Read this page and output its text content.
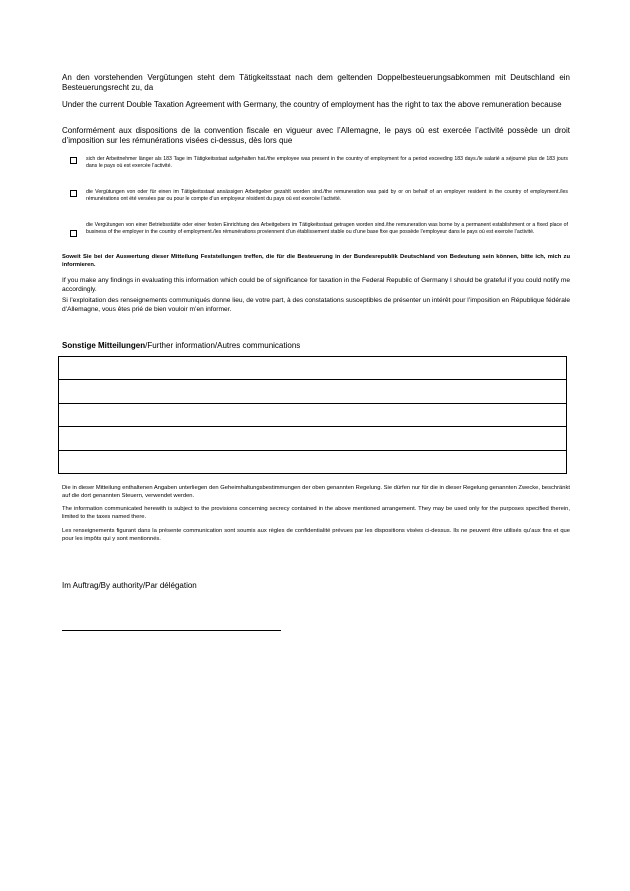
An den vorstehenden Vergütungen steht dem Tätigkeitsstaat nach dem geltenden Doppelbesteuerungsabkommen mit Deutschland ein Besteuerungsrecht zu, da

Under the current Double Taxation Agreement with Germany, the country of employment has the right to tax the above remuneration because

Conformément aux dispositions de la convention fiscale en vigueur avec l’Allemagne, le pays où est exercée l’activité possède un droit d’imposition sur les rémunérations visées ci-dessus, dès lors que

sich der Arbeitnehmer länger als 183 Tage im Tätigkeitsstaat aufgehalten hat./the employee was present in the country of employment for a period exceeding 183 days./le salarié a séjourné plus de 183 jours dans le pays où est exercée l’activité.
die Vergütungen von oder für einen im Tätigkeitsstaat ansässigen Arbeitgeber gezahlt worden sind./the remuneration was paid by or on behalf of an employer resident in the country of employment./les rémunérations ont été versées par ou pour le compte d’un employeur résident du pays où est exercée l’activité.
die Vergütungen von einer Betriebsstätte oder einer festen Einrichtung des Arbeitgebers im Tätigkeitsstaat getragen worden sind./the remuneration was borne by a permanent establishment or a fixed place of business of the employer in the country of employment./les rémunérations proviennent d’un établissement stable ou d’une base fixe que possède l’employeur dans le pays où est exercée l’activité.

Soweit Sie bei der Auswertung dieser Mitteilung Feststellungen treffen, die für die Besteuerung in der Bundesrepublik Deutschland von Bedeutung sein können, bitte ich, mich zu informieren.

If you make any findings in evaluating this information which could be of significance for taxation in the Federal Republic of Germany I should be grateful if you could notify me accordingly.

Si l’exploitation des renseignements communiqués donne lieu, de votre part, à des constatations susceptibles de présenter un intérêt pour l’imposition en République fédérale d’Allemagne, vous êtes prié de bien vouloir m’en informer.

Sonstige Mitteilungen/Further information/Autres communications

Die in dieser Mitteilung enthaltenen Angaben unterliegen den Geheimhaltungsbestimmungen der oben genannten Regelung. Sie dürfen nur für die in dieser Regelung genannten Zwecke, beschränkt auf die dort genannten Steuern, verwendet werden.

The information communicated herewith is subject to the provisions concerning secrecy contained in the above mentioned arrangement. They may be used only for the purposes specified therein, limited to the taxes named there.

Les renseignements figurant dans la présente communication sont soumis aux règles de confidentialité prévues par les dispositions visées ci-dessus. Ils ne peuvent être utilisés qu’aux fins et que pour les impôts qui y sont mentionnés.

Im Auftrag/By authority/Par délégation
